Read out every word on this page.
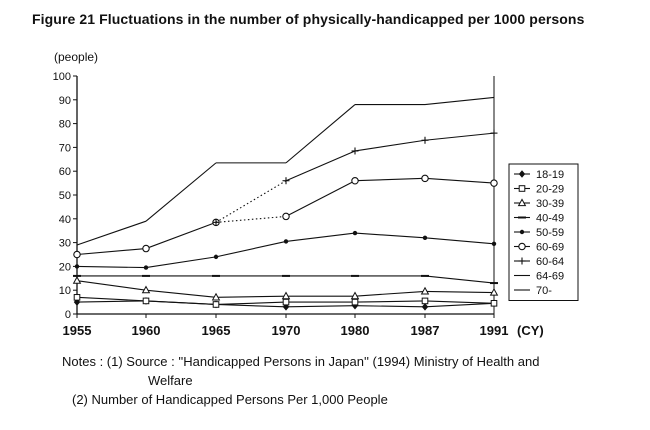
Figure 21 Fluctuations in the number of physically-handicapped per 1000 persons
0
10
20
30
40
50
60
70
80
90
100
(people)
1955	1960	1965	1970	1980	1987	1991 (CY)
18-19
20-29
30-39
40-49
50-59
60-69
60-64
64-69
70-
Notes : (1) Source : ''Handicapped Persons in Japan'' (1994) Ministry of Health and
Welfare
(2) Number of Handicapped Persons Per 1,000 People
